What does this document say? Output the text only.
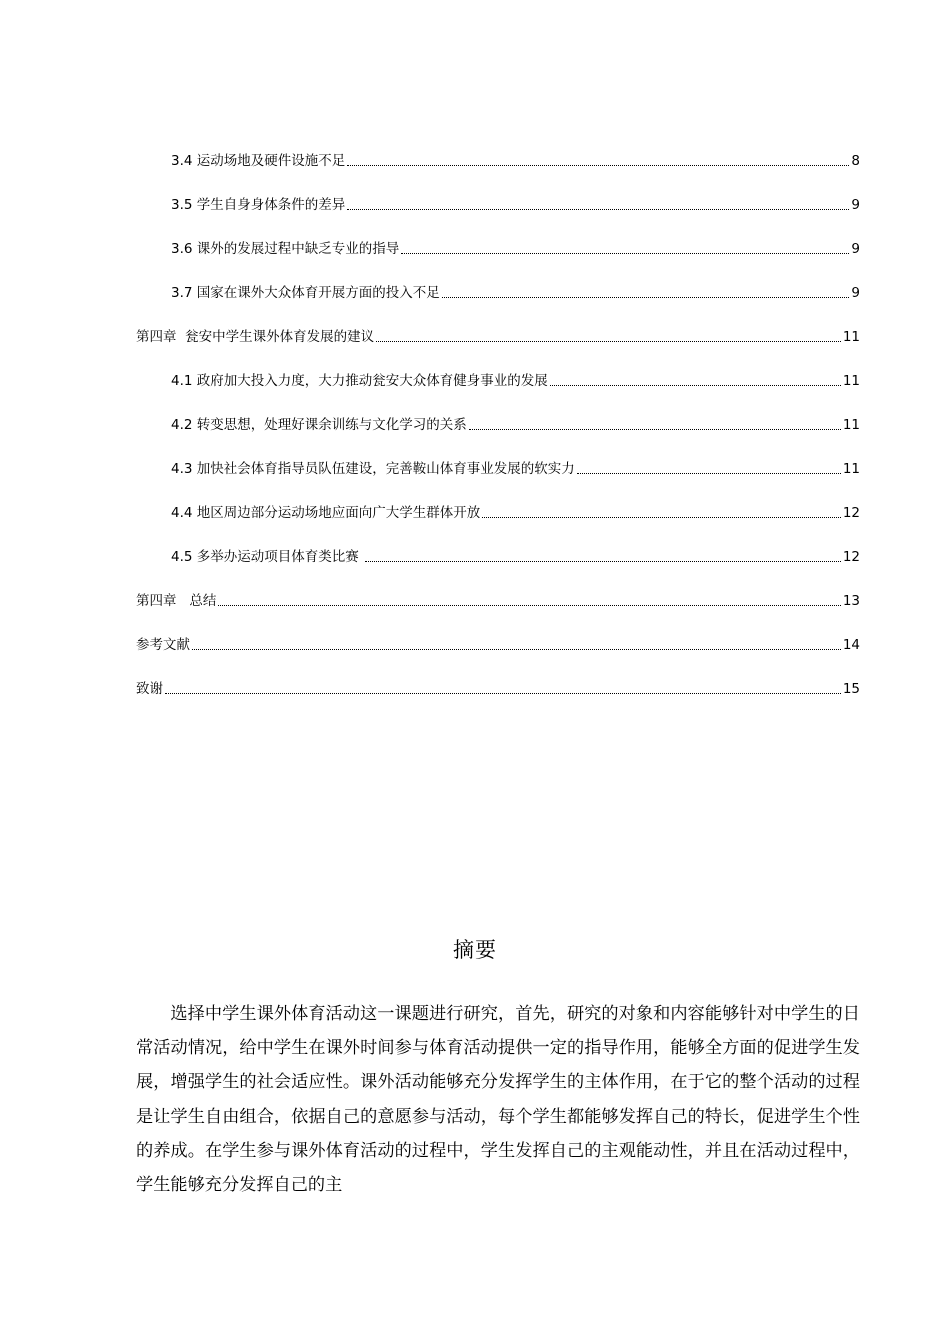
3.4 运动场地及硬件设施不足	8
3.5 学生自身身体条件的差异	9
3.6 课外的发展过程中缺乏专业的指导	9
3.7 国家在课外大众体育开展方面的投入不足	9
第四章  瓮安中学生课外体育发展的建议	11
4.1 政府加大投入力度，大力推动瓮安大众体育健身事业的发展	11
4.2 转变思想，处理好课余训练与文化学习的关系	11
4.3 加快社会体育指导员队伍建设，完善鞍山体育事业发展的软实力	11
4.4 地区周边部分运动场地应面向广大学生群体开放	12
4.5 多举办运动项目体育类比赛	12
第四章   总结	13
参考文献	14
致谢	15
摘要

选择中学生课外体育活动这一课题进行研究，首先，研究的对象和内容能够针对中学生的日常活动情况，给中学生在课外时间参与体育活动提供一定的指导作用，能够全方面的促进学生发展，增强学生的社会适应性。课外活动能够充分发挥学生的主体作用，在于它的整个活动的过程是让学生自由组合，依据自己的意愿参与活动，每个学生都能够发挥自己的特长，促进学生个性的养成。在学生参与课外体育活动的过程中，学生发挥自己的主观能动性，并且在活动过程中，学生能够充分发挥自己的主
